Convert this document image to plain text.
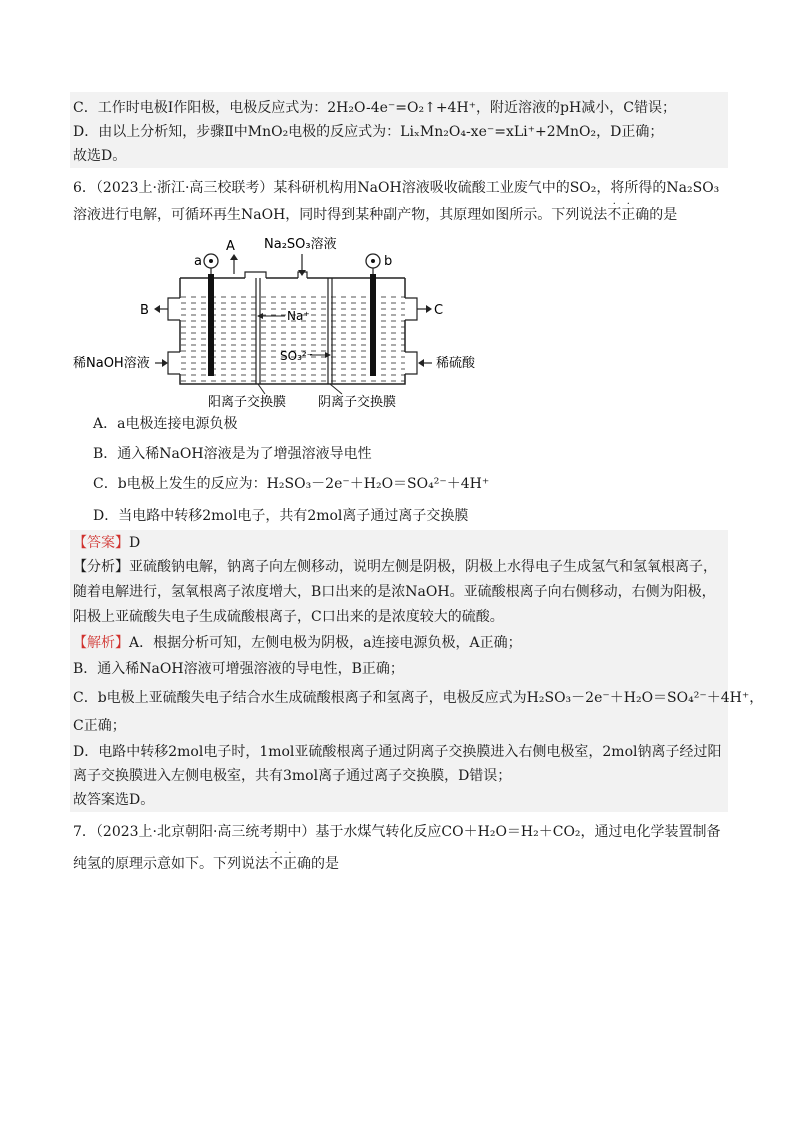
C．工作时电极Ⅰ作阳极，电极反应式为：2H₂O-4e⁻=O₂↑+4H⁺，附近溶液的pH减小，C错误；
D．由以上分析知，步骤Ⅱ中MnO₂电极的反应式为：LiₓMn₂O₄-xe⁻=xLi⁺+2MnO₂，D正确；
故选D。
6．（2023上·浙江·高三校联考）某科研机构用NaOH溶液吸收硫酸工业废气中的SO₂，将所得的Na₂SO₃
溶液进行电解，可循环再生NaOH，同时得到某种副产物，其原理如图所示。下列说法
·
不
·
正确的是
a	b
A
B	C
Na₂SO₃溶液
Na⁺
SO₃²⁻
稀NaOH溶液	稀硫酸
阳离子交换膜 阴离子交换膜
A．a电极连接电源负极
B．通入稀NaOH溶液是为了增强溶液导电性
C．b电极上发生的反应为：H₂SO₃－2e⁻＋H₂O＝SO₄²⁻＋4H⁺
D．当电路中转移2mol电子，共有2mol离子通过离子交换膜
【答案】D
【分析】亚硫酸钠电解，钠离子向左侧移动，说明左侧是阴极，阴极上水得电子生成氢气和氢氧根离子，
随着电解进行，氢氧根离子浓度增大，B口出来的是浓NaOH。亚硫酸根离子向右侧移动，右侧为阳极，
阳极上亚硫酸失电子生成硫酸根离子，C口出来的是浓度较大的硫酸。
【解析】A．根据分析可知，左侧电极为阴极，a连接电源负极，A正确；
B．通入稀NaOH溶液可增强溶液的导电性，B正确；
C．b电极上亚硫酸失电子结合水生成硫酸根离子和氢离子，电极反应式为H₂SO₃－2e⁻＋H₂O＝SO₄²⁻＋4H⁺，
C正确；
D．电路中转移2mol电子时，1mol亚硫酸根离子通过阴离子交换膜进入右侧电极室，2mol钠离子经过阳
离子交换膜进入左侧电极室，共有3mol离子通过离子交换膜，D错误；
故答案选D。
7．（2023上·北京朝阳·高三统考期中）基于水煤气转化反应CO＋H₂O＝H₂＋CO₂，通过电化学装置制备
纯氢的原理示意如下。下列说法
·
不
·
正确的是
